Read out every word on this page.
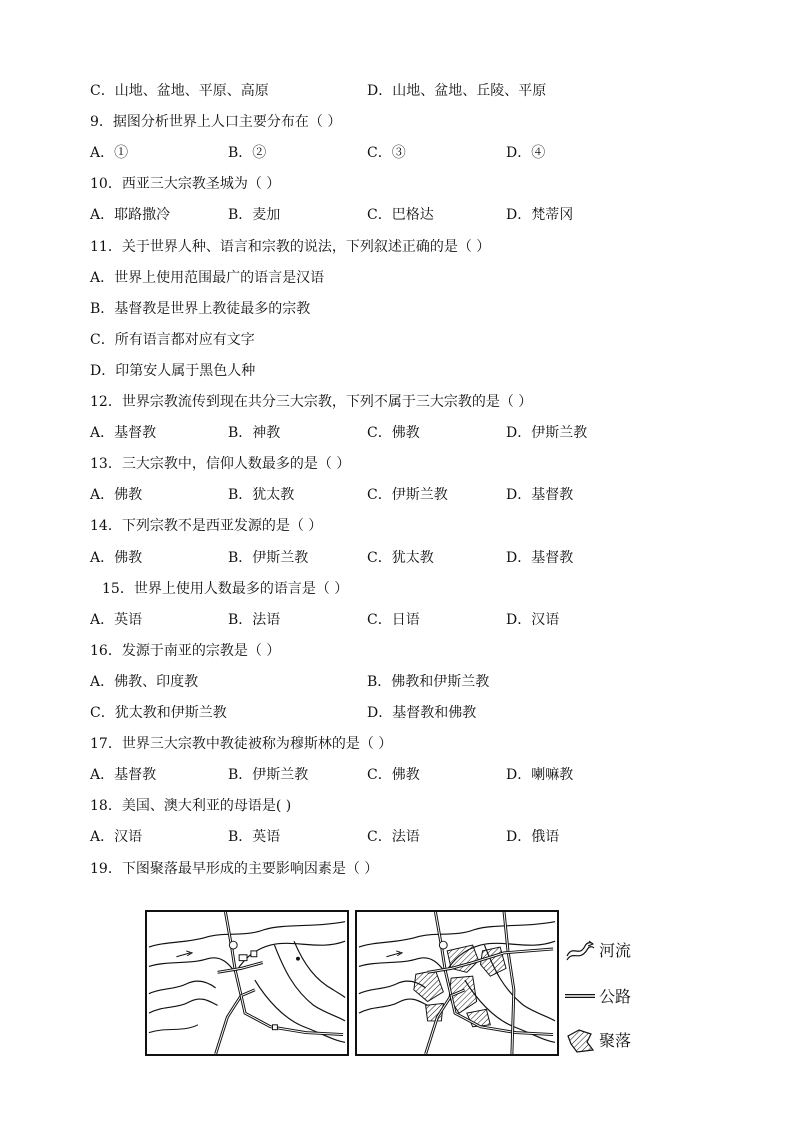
C．山地、盆地、平原、高原	D．山地、盆地、丘陵、平原
9．据图分析世界上人口主要分布在（ ）
A．①	B．②	C．③	D．④
10．西亚三大宗教圣城为（ ）
A．耶路撒冷	B．麦加	C．巴格达	D．梵蒂冈
11．关于世界人种、语言和宗教的说法，下列叙述正确的是（ ）
A．世界上使用范围最广的语言是汉语
B．基督教是世界上教徒最多的宗教
C．所有语言都对应有文字
D．印第安人属于黑色人种
12．世界宗教流传到现在共分三大宗教，下列不属于三大宗教的是（ ）
A．基督教	B．神教	C．佛教	D．伊斯兰教
13．三大宗教中，信仰人数最多的是（ ）
A．佛教	B．犹太教	C．伊斯兰教	D．基督教
14．下列宗教不是西亚发源的是（ ）
A．佛教	B．伊斯兰教	C．犹太教	D．基督教
15．世界上使用人数最多的语言是（ ）
A．英语	B．法语	C．日语	D．汉语
16．发源于南亚的宗教是（ ）
A．佛教、印度教	B．佛教和伊斯兰教
C．犹太教和伊斯兰教	D．基督教和佛教
17．世界三大宗教中教徒被称为穆斯林的是（ ）
A．基督教	B．伊斯兰教	C．佛教	D．喇嘛教
18．美国、澳大利亚的母语是( )
A．汉语	B．英语	C．法语	D．俄语
19．下图聚落最早形成的主要影响因素是（ ）
河流
公路
聚落
